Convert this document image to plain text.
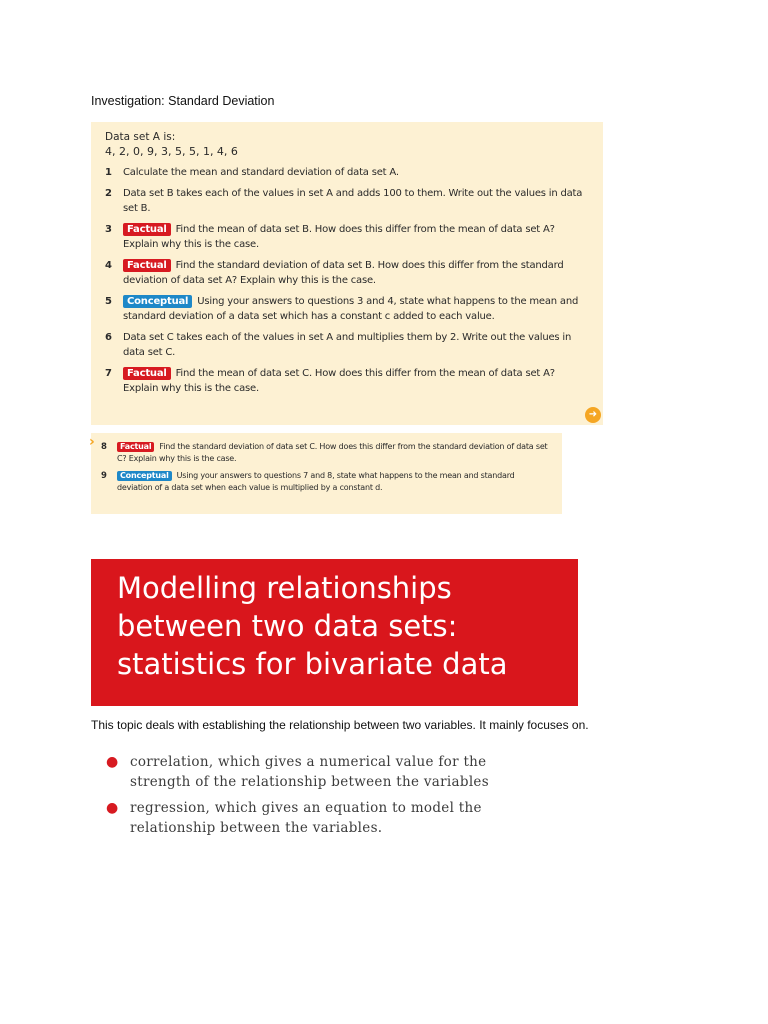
Investigation: Standard Deviation
Data set A is:
4, 2, 0, 9, 3, 5, 5, 1, 4, 6
1	Calculate the mean and standard deviation of data set A.
2	Data set B takes each of the values in set A and adds 100 to them. Write out the values in data set B.
3	Factual Find the mean of data set B. How does this differ from the mean of data set A? Explain why this is the case.
4	Factual Find the standard deviation of data set B. How does this differ from the standard deviation of data set A? Explain why this is the case.
5	Conceptual Using your answers to questions 3 and 4, state what happens to the mean and standard deviation of a data set which has a constant c added to each value.
6	Data set C takes each of the values in set A and multiplies them by 2. Write out the values in data set C.
7	Factual Find the mean of data set C. How does this differ from the mean of data set A? Explain why this is the case.
➜
› 8	Factual Find the standard deviation of data set C. How does this differ from the standard deviation of data set C? Explain why this is the case.
9	Conceptual Using your answers to questions 7 and 8, state what happens to the mean and standard deviation of a data set when each value is multiplied by a constant d.
Modelling relationships
between two data sets:
statistics for bivariate data
This topic deals with establishing the relationship between two variables. It mainly focuses on.
● correlation, which gives a numerical value for the strength of the relationship between the variables
● regression, which gives an equation to model the relationship between the variables.
